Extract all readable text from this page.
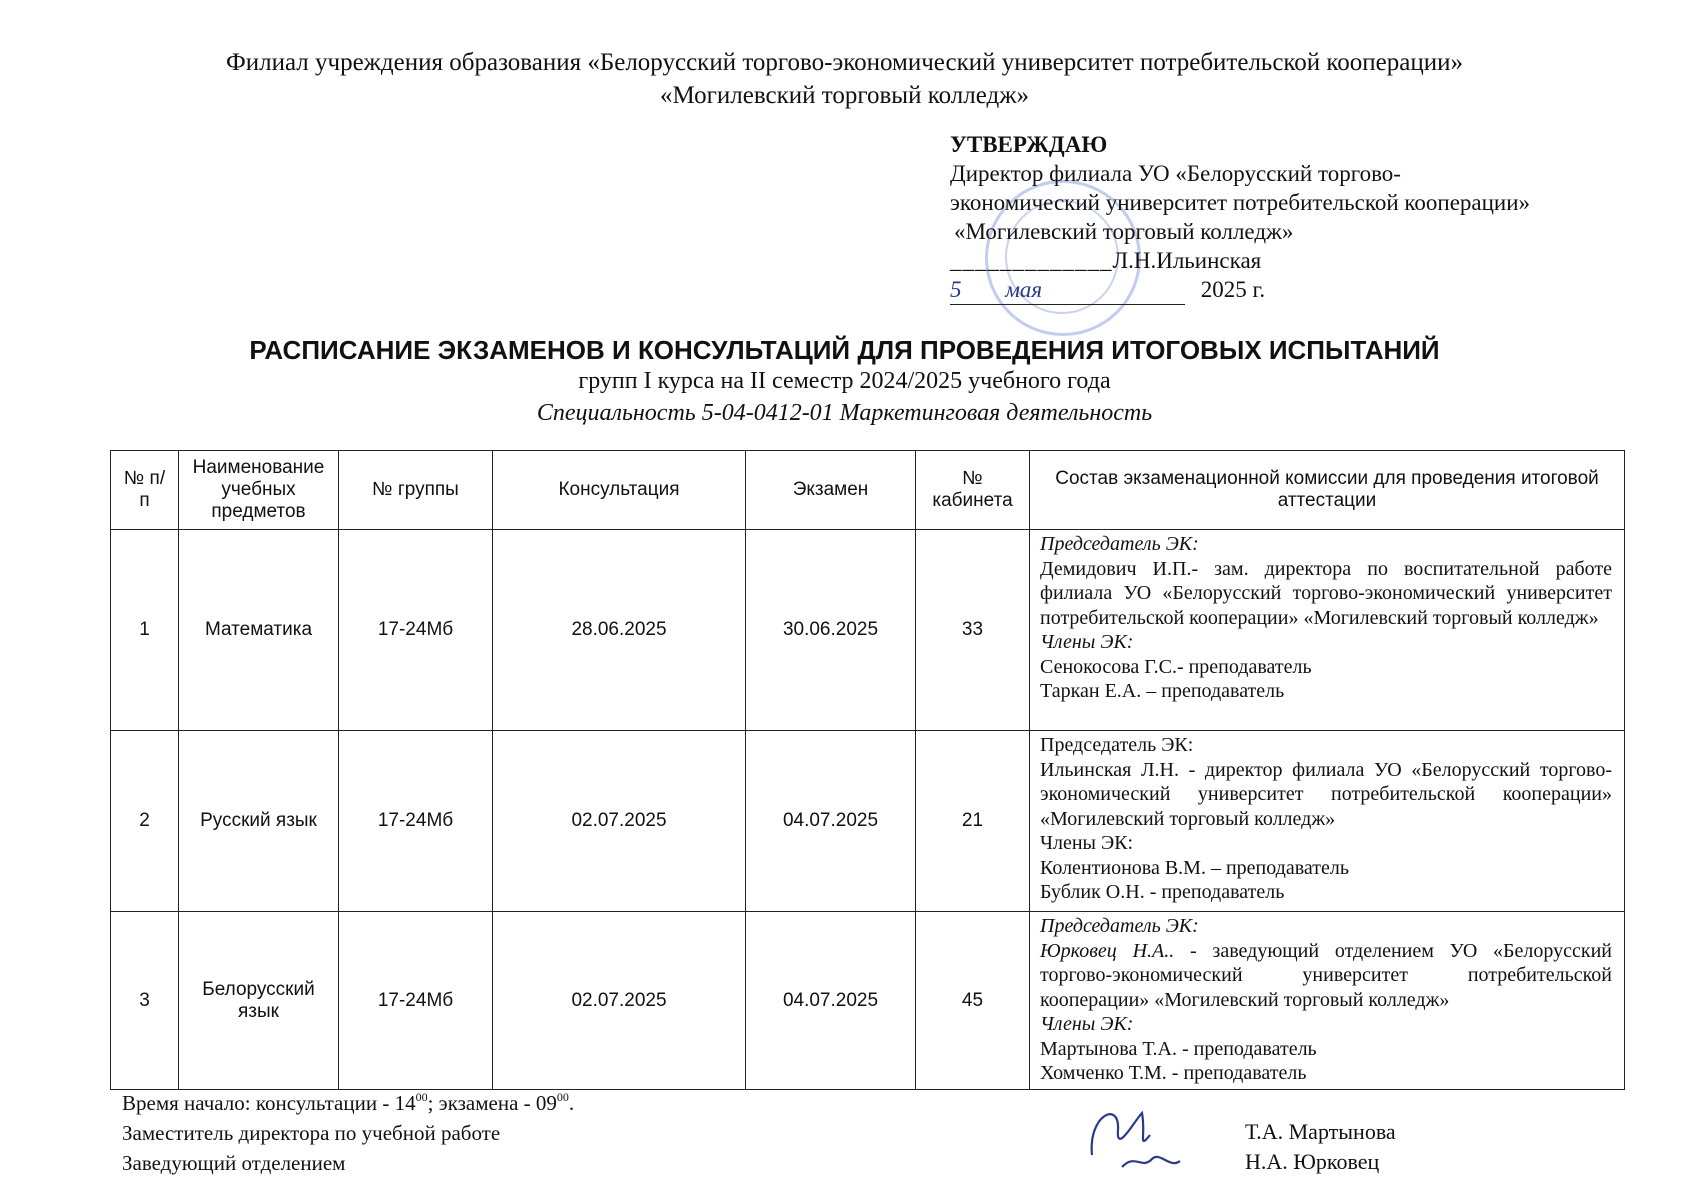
Филиал учреждения образования «Белорусский торгово-экономический университет потребительской кооперации»
«Могилевский торговый колледж»
УТВЕРЖДАЮ
Директор филиала УО «Белорусский торгово-
экономический университет потребительской кооперации»
«Могилевский торговый колледж»
_____________Л.Н.Ильинская
5 мая	2025 г.
РАСПИСАНИЕ ЭКЗАМЕНОВ И КОНСУЛЬТАЦИЙ ДЛЯ ПРОВЕДЕНИЯ ИТОГОВЫХ ИСПЫТАНИЙ
групп I курса на II семестр 2024/2025 учебного года
Специальность 5-04-0412-01 Маркетинговая деятельность
№ п/п	Наименование учебных предметов	№ группы	Консультация	Экзамен	№ кабинета	Состав экзаменационной комиссии для проведения итоговой аттестации
1	Математика	17-24Мб	28.06.2025	30.06.2025	33	Председатель ЭК:
Демидович И.П.- зам. директора по воспитательной работе филиала УО «Белорусский торгово-экономический университет потребительской кооперации» «Могилевский торговый колледж»
Члены ЭК:
Сенокосова Г.С.- преподаватель
Таркан Е.А. – преподаватель

2	Русский язык	17-24Мб	02.07.2025	04.07.2025	21	Председатель ЭК:
Ильинская Л.Н. - директор филиала УО «Белорусский торгово-экономический университет потребительской кооперации» «Могилевский торговый колледж»
Члены ЭК:
Колентионова В.М. – преподаватель
Бублик О.Н. - преподаватель

3	Белорусский язык	17-24Мб	02.07.2025	04.07.2025	45	Председатель ЭК:
Юрковец Н.А.. - заведующий отделением УО «Белорусский торгово-экономический университет потребительской кооперации» «Могилевский торговый колледж»
Члены ЭК:
Мартынова Т.А. - преподаватель
Хомченко Т.М. - преподаватель
Время начало: консультации - $14^{00}$; экзамена - $09^{00}$.
Заместитель директора по учебной работе
Заведующий отделением
Т.А. Мартынова
Н.А. Юрковец
